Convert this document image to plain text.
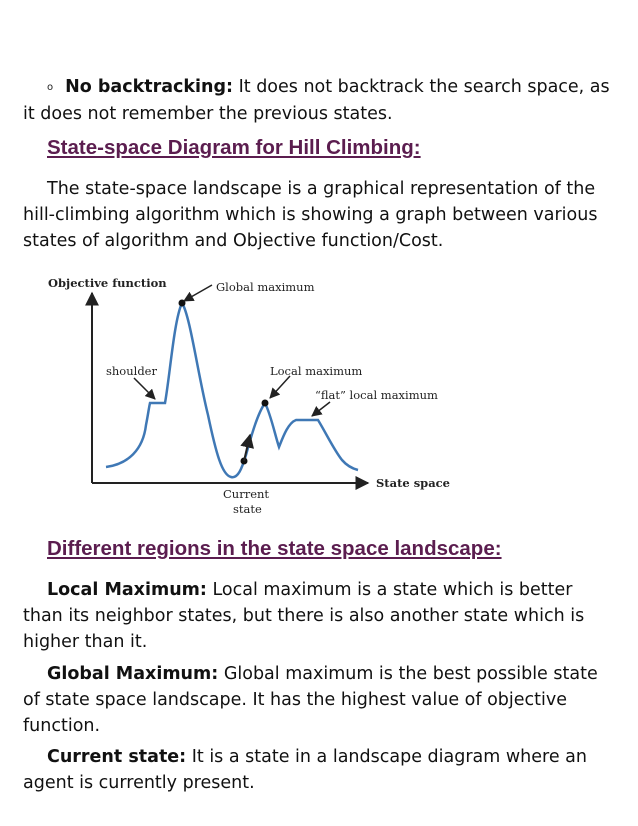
o No backtracking: It does not backtrack the search space, as it does not remember the previous states.

State-space Diagram for Hill Climbing:

The state-space landscape is a graphical representation of the hill-climbing algorithm which is showing a graph between various states of algorithm and Objective function/Cost.

Objective function
State space
Global maximum
shoulder	Local maximum
“flat” local maximum
Current
state
Different regions in the state space landscape:

Local Maximum: Local maximum is a state which is better than its neighbor states, but there is also another state which is higher than it.

Global Maximum: Global maximum is the best possible state of state space landscape. It has the highest value of objective function.

Current state: It is a state in a landscape diagram where an agent is currently present.
